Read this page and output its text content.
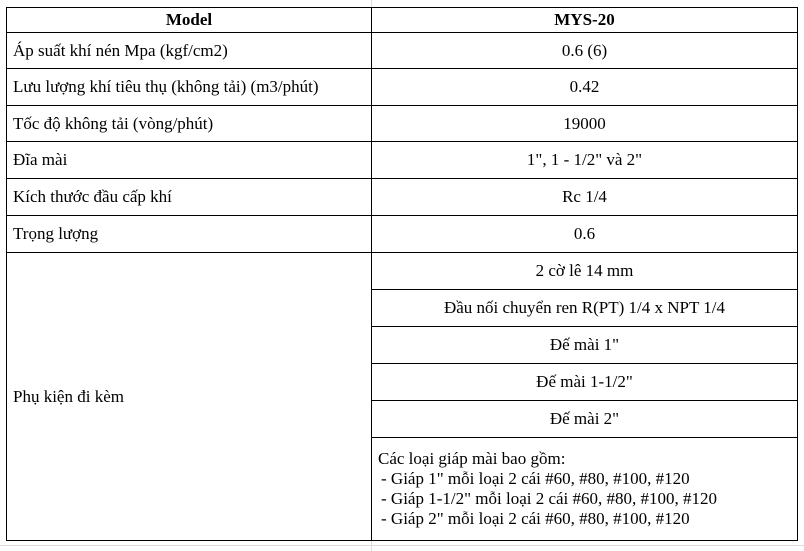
Model	MYS-20
Áp suất khí nén Mpa (kgf/cm2)	0.6 (6)
Lưu lượng khí tiêu thụ (không tải) (m3/phút)	0.42
Tốc độ không tải (vòng/phút)	19000
Đĩa mài	1", 1 - 1/2" và 2"
Kích thước đầu cấp khí	Rc 1/4
Trọng lượng	0.6
Phụ kiện đi kèm	2 cờ lê 14 mm
	Đầu nối chuyển ren R(PT) 1/4 x NPT 1/4
	Đế mài 1"
	Đế mài 1-1/2"
	Đế mài 2"

	Các loại giáp mài bao gồm:
- Giáp 1" mỗi loại 2 cái #60, #80, #100, #120
- Giáp 1-1/2" mỗi loại 2 cái #60, #80, #100, #120
- Giáp 2" mỗi loại 2 cái #60, #80, #100, #120
